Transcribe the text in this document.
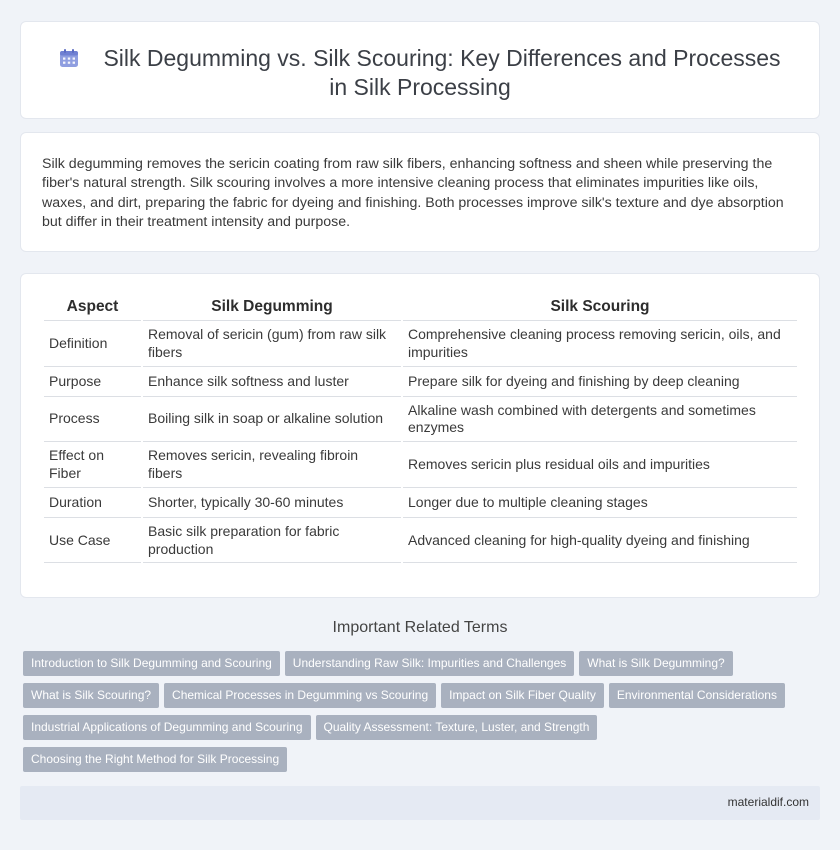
Silk Degumming vs. Silk Scouring: Key Differences and Processes in Silk Processing

Silk degumming removes the sericin coating from raw silk fibers, enhancing softness and sheen while preserving the fiber's natural strength. Silk scouring involves a more intensive cleaning process that eliminates impurities like oils, waxes, and dirt, preparing the fabric for dyeing and finishing. Both processes improve silk's texture and dye absorption but differ in their treatment intensity and purpose.

Aspect	Silk Degumming	Silk Scouring
Definition	Removal of sericin (gum) from raw silk fibers	Comprehensive cleaning process removing sericin, oils, and impurities
Purpose	Enhance silk softness and luster	Prepare silk for dyeing and finishing by deep cleaning
Process	Boiling silk in soap or alkaline solution	Alkaline wash combined with detergents and sometimes enzymes
Effect on Fiber	Removes sericin, revealing fibroin fibers	Removes sericin plus residual oils and impurities
Duration	Shorter, typically 30-60 minutes	Longer due to multiple cleaning stages
Use Case	Basic silk preparation for fabric production	Advanced cleaning for high-quality dyeing and finishing
Important Related Terms
Introduction to Silk Degumming and Scouring	Understanding Raw Silk: Impurities and Challenges	What is Silk Degumming?
What is Silk Scouring?	Chemical Processes in Degumming vs Scouring	Impact on Silk Fiber Quality	Environmental Considerations
Industrial Applications of Degumming and Scouring	Quality Assessment: Texture, Luster, and Strength
Choosing the Right Method for Silk Processing
materialdif.com
